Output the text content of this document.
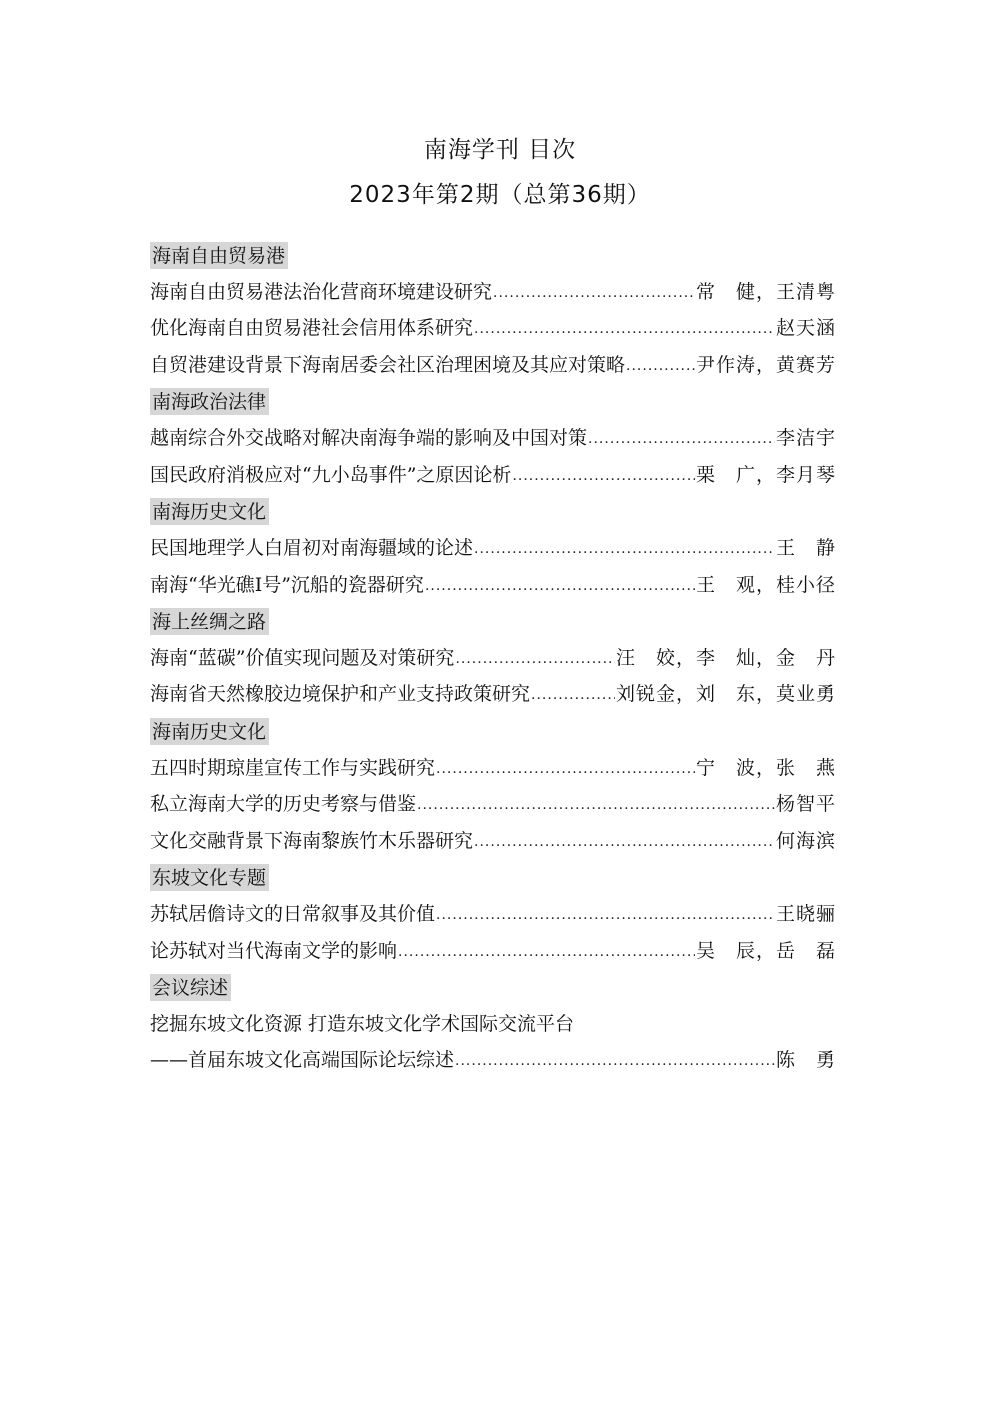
南海学刊 目次
2023年第2期（总第36期）
海南自由贸易港
海南自由贸易港法治化营商环境建设研究 ·····	常　健，王清粤
优化海南自由贸易港社会信用体系研究 ·····	赵天涵
自贸港建设背景下海南居委会社区治理困境及其应对策略 ·····	尹作涛，黄赛芳
南海政治法律
越南综合外交战略对解决南海争端的影响及中国对策 ·····	李洁宇
国民政府消极应对“九小岛事件”之原因论析 ·····	栗　广，李月琴
南海历史文化
民国地理学人白眉初对南海疆域的论述 ·····	王　静
南海“华光礁Ⅰ号”沉船的瓷器研究 ·····	王　观，桂小径
海上丝绸之路
海南“蓝碳”价值实现问题及对策研究 ·····	汪　姣，李　灿，金　丹
海南省天然橡胶边境保护和产业支持政策研究 ·····	刘锐金，刘　东，莫业勇
海南历史文化
五四时期琼崖宣传工作与实践研究 ·····	宁　波，张　燕
私立海南大学的历史考察与借鉴 ·····	杨智平
文化交融背景下海南黎族竹木乐器研究 ·····	何海滨
东坡文化专题
苏轼居儋诗文的日常叙事及其价值 ·····	王晓骊
论苏轼对当代海南文学的影响 ·····	吴　辰，岳　磊
会议综述
挖掘东坡文化资源 打造东坡文化学术国际交流平台
——首届东坡文化高端国际论坛综述 ·····	陈　勇
